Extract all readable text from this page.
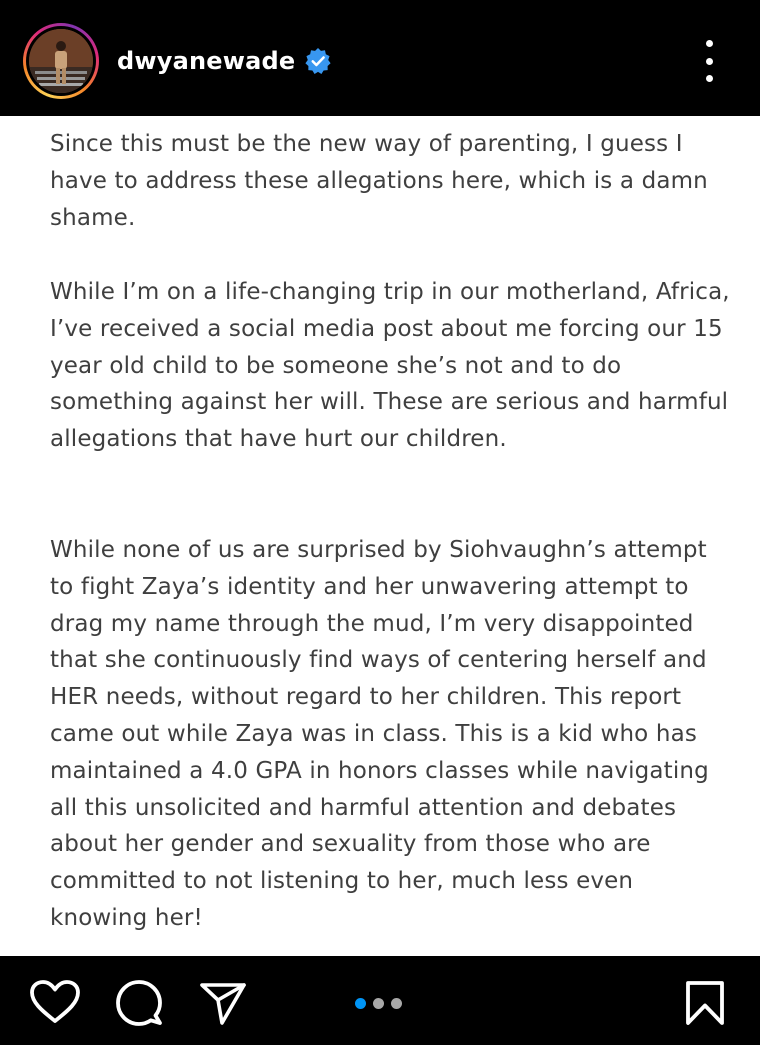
dwyanewade

Since this must be the new way of parenting, I guess I have to address these allegations here, which is a damn shame.

While I’m on a life-changing trip in our motherland, Africa, I’ve received a social media post about me forcing our 15 year old child to be someone she’s not and to do something against her will. These are serious and harmful allegations that have hurt our children.

While none of us are surprised by Siohvaughn’s attempt to fight Zaya’s identity and her unwavering attempt to drag my name through the mud, I’m very disappointed that she continuously find ways of centering herself and HER needs, without regard to her children. This report came out while Zaya was in class. This is a kid who has maintained a 4.0 GPA in honors classes while navigating all this unsolicited and harmful attention and debates about her gender and sexuality from those who are committed to not listening to her, much less even knowing her!
